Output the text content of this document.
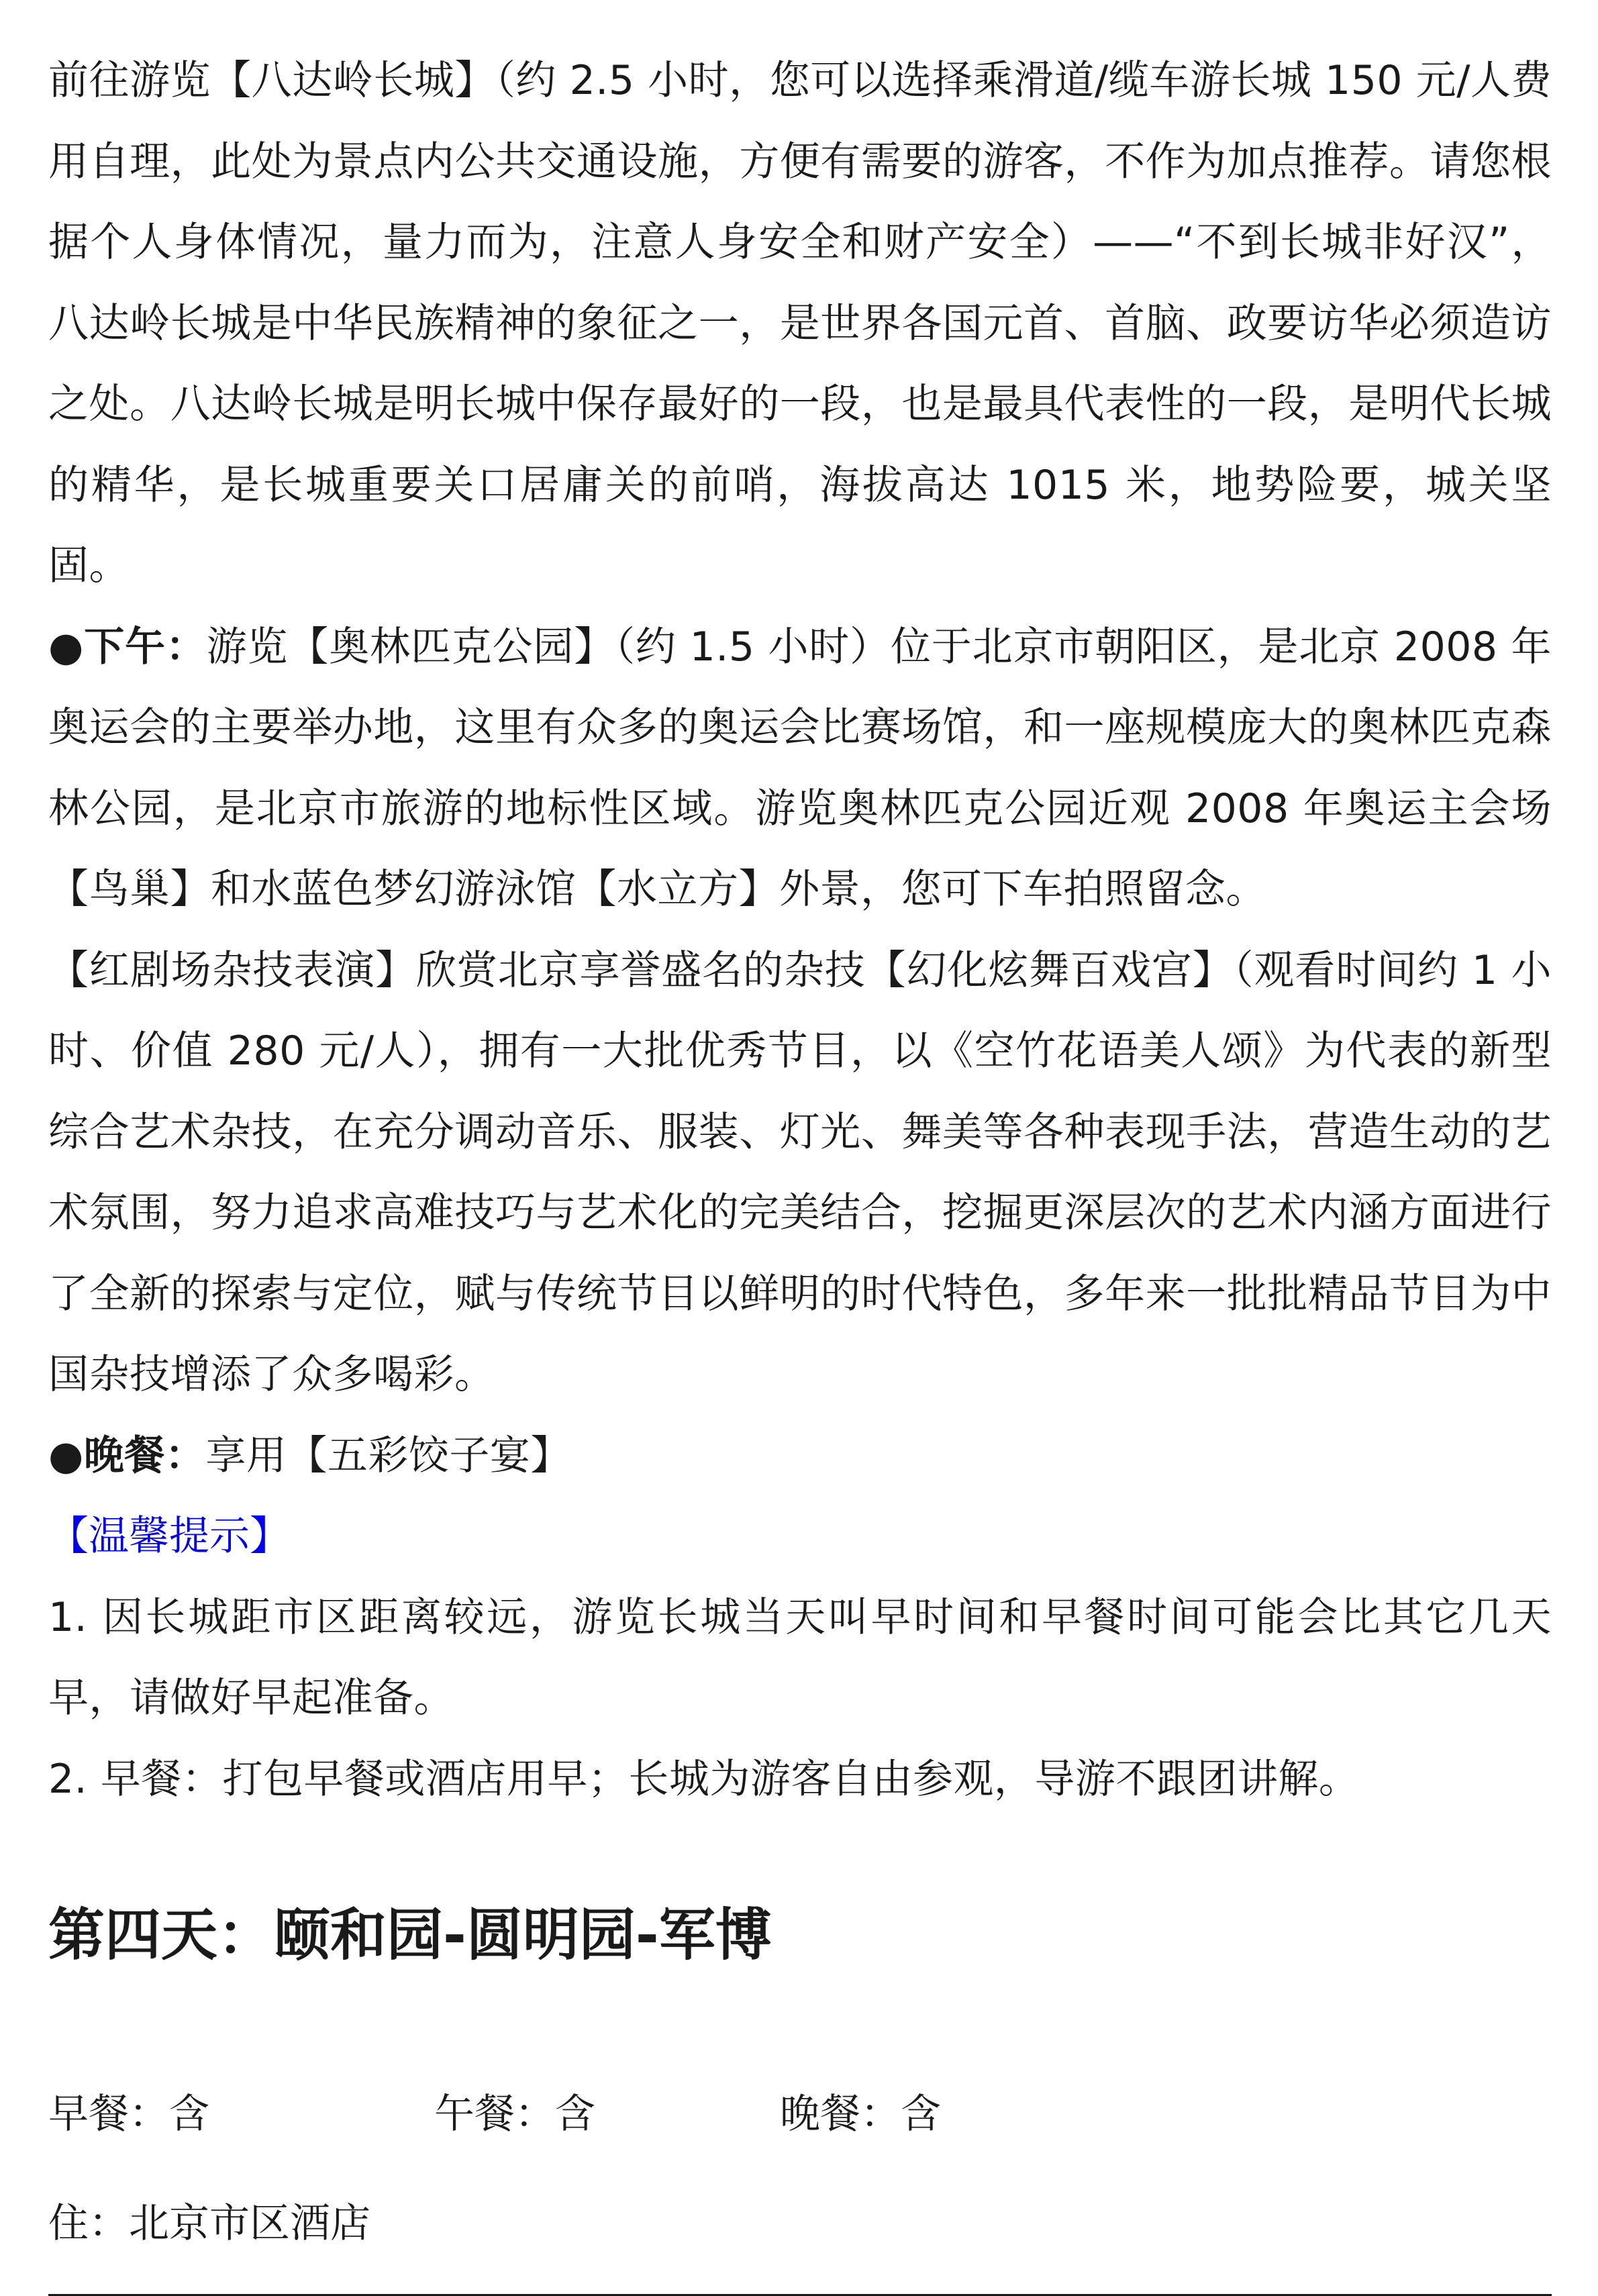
前往游览【八达岭长城】（约 2.5 小时，您可以选择乘滑道/缆车游长城 150 元/人费用自理，此处为景点内公共交通设施，方便有需要的游客，不作为加点推荐。请您根据个人身体情况，量力而为，注意人身安全和财产安全）——“不到长城非好汉”，八达岭长城是中华民族精神的象征之一，是世界各国元首、首脑、政要访华必须造访之处。八达岭长城是明长城中保存最好的一段，也是最具代表性的一段，是明代长城的精华，是长城重要关口居庸关的前哨，海拔高达 1015 米，地势险要，城关坚固。

●下午：游览【奥林匹克公园】（约 1.5 小时）位于北京市朝阳区，是北京 2008 年奥运会的主要举办地，这里有众多的奥运会比赛场馆，和一座规模庞大的奥林匹克森林公园，是北京市旅游的地标性区域。游览奥林匹克公园近观 2008 年奥运主会场【鸟巢】和水蓝色梦幻游泳馆【水立方】外景，您可下车拍照留念。

【红剧场杂技表演】欣赏北京享誉盛名的杂技【幻化炫舞百戏宫】（观看时间约 1 小时、价值 280 元/人），拥有一大批优秀节目，以《空竹花语美人颂》为代表的新型综合艺术杂技，在充分调动音乐、服装、灯光、舞美等各种表现手法，营造生动的艺术氛围，努力追求高难技巧与艺术化的完美结合，挖掘更深层次的艺术内涵方面进行了全新的探索与定位，赋与传统节目以鲜明的时代特色，多年来一批批精品节目为中国杂技增添了众多喝彩。

●晚餐：享用【五彩饺子宴】

【温馨提示】

1. 因长城距市区距离较远，游览长城当天叫早时间和早餐时间可能会比其它几天早，请做好早起准备。

2. 早餐：打包早餐或酒店用早；长城为游客自由参观，导游不跟团讲解。

第四天：颐和园-圆明园-军博
早餐：含	午餐：含	晚餐：含
住：北京市区酒店
